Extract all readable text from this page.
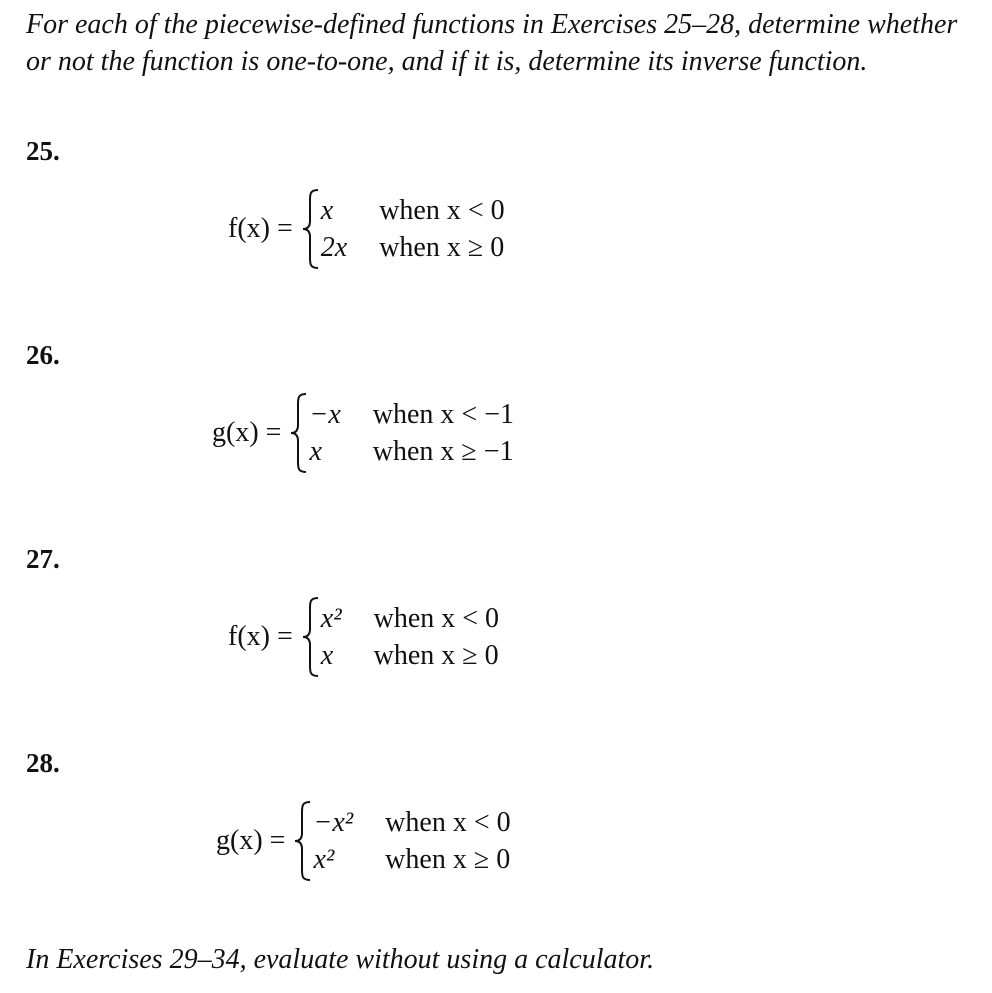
For each of the piecewise-defined functions in Exercises 25–28, determine whether or not the function is one-to-one, and if it is, determine its inverse function.

25.

f(x) =
x	when x < 0
2x when x ≥ 0

26.

g(x) =
−x when x < −1
x	when x ≥ −1

27.

f(x) =
x² when x < 0
x when x ≥ 0

28.

g(x) =
−x² when x < 0
x²	when x ≥ 0

In Exercises 29–34, evaluate without using a calculator.
